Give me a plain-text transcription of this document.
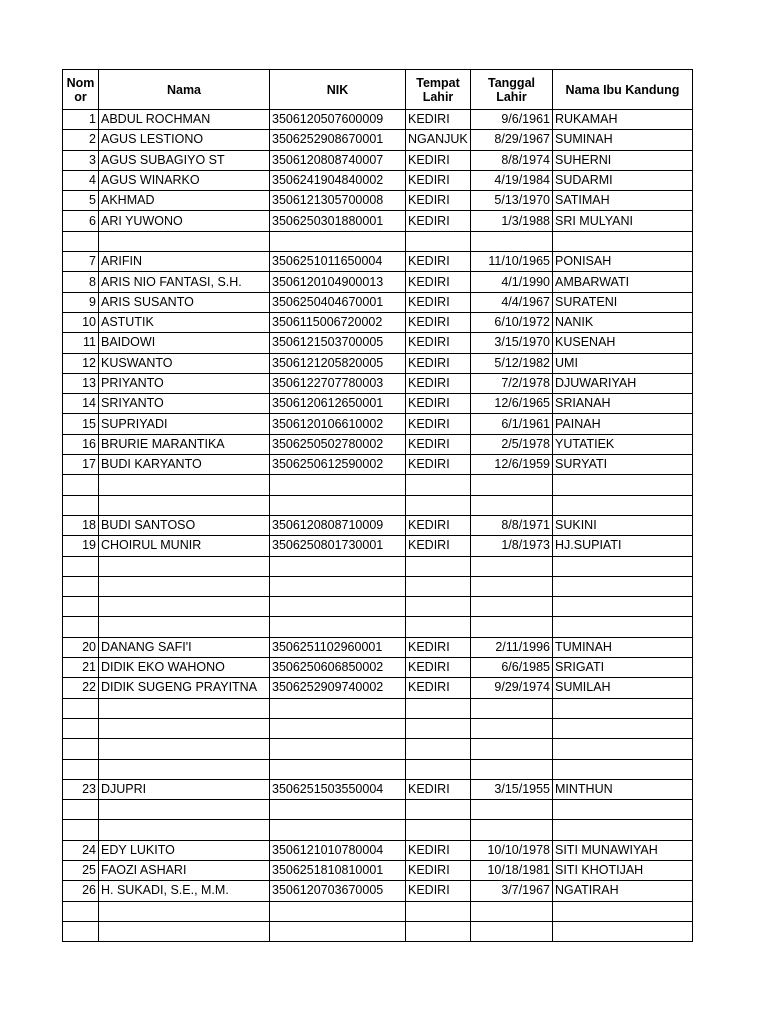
Nom or	Nama	NIK	Tempat Lahir	Tanggal Lahir	Nama Ibu Kandung
1	ABDUL ROCHMAN	3506120507600009	KEDIRI	9/6/1961	RUKAMAH
2	AGUS LESTIONO	3506252908670001	NGANJUK	8/29/1967	SUMINAH
3	AGUS SUBAGIYO ST	3506120808740007	KEDIRI	8/8/1974	SUHERNI
4	AGUS WINARKO	3506241904840002	KEDIRI	4/19/1984	SUDARMI
5	AKHMAD	3506121305700008	KEDIRI	5/13/1970	SATIMAH
6	ARI YUWONO	3506250301880001	KEDIRI	1/3/1988	SRI MULYANI

7	ARIFIN	3506251011650004	KEDIRI	11/10/1965	PONISAH
8	ARIS NIO FANTASI, S.H.	3506120104900013	KEDIRI	4/1/1990	AMBARWATI
9	ARIS SUSANTO	3506250404670001	KEDIRI	4/4/1967	SURATENI
10	ASTUTIK	3506115006720002	KEDIRI	6/10/1972	NANIK
11	BAIDOWI	3506121503700005	KEDIRI	3/15/1970	KUSENAH
12	KUSWANTO	3506121205820005	KEDIRI	5/12/1982	UMI
13	PRIYANTO	3506122707780003	KEDIRI	7/2/1978	DJUWARIYAH
14	SRIYANTO	3506120612650001	KEDIRI	12/6/1965	SRIANAH
15	SUPRIYADI	3506120106610002	KEDIRI	6/1/1961	PAINAH
16	BRURIE MARANTIKA	3506250502780002	KEDIRI	2/5/1978	YUTATIEK
17	BUDI KARYANTO	3506250612590002	KEDIRI	12/6/1959	SURYATI

18	BUDI SANTOSO	3506120808710009	KEDIRI	8/8/1971	SUKINI
19	CHOIRUL MUNIR	3506250801730001	KEDIRI	1/8/1973	HJ.SUPIATI

20	DANANG SAFI'I	3506251102960001	KEDIRI	2/11/1996	TUMINAH
21	DIDIK EKO WAHONO	3506250606850002	KEDIRI	6/6/1985	SRIGATI
22	DIDIK SUGENG PRAYITNA	3506252909740002	KEDIRI	9/29/1974	SUMILAH

23	DJUPRI	3506251503550004	KEDIRI	3/15/1955	MINTHUN

24	EDY LUKITO	3506121010780004	KEDIRI	10/10/1978	SITI MUNAWIYAH
25	FAOZI ASHARI	3506251810810001	KEDIRI	10/18/1981	SITI KHOTIJAH
26	H. SUKADI, S.E., M.M.	3506120703670005	KEDIRI	3/7/1967	NGATIRAH
